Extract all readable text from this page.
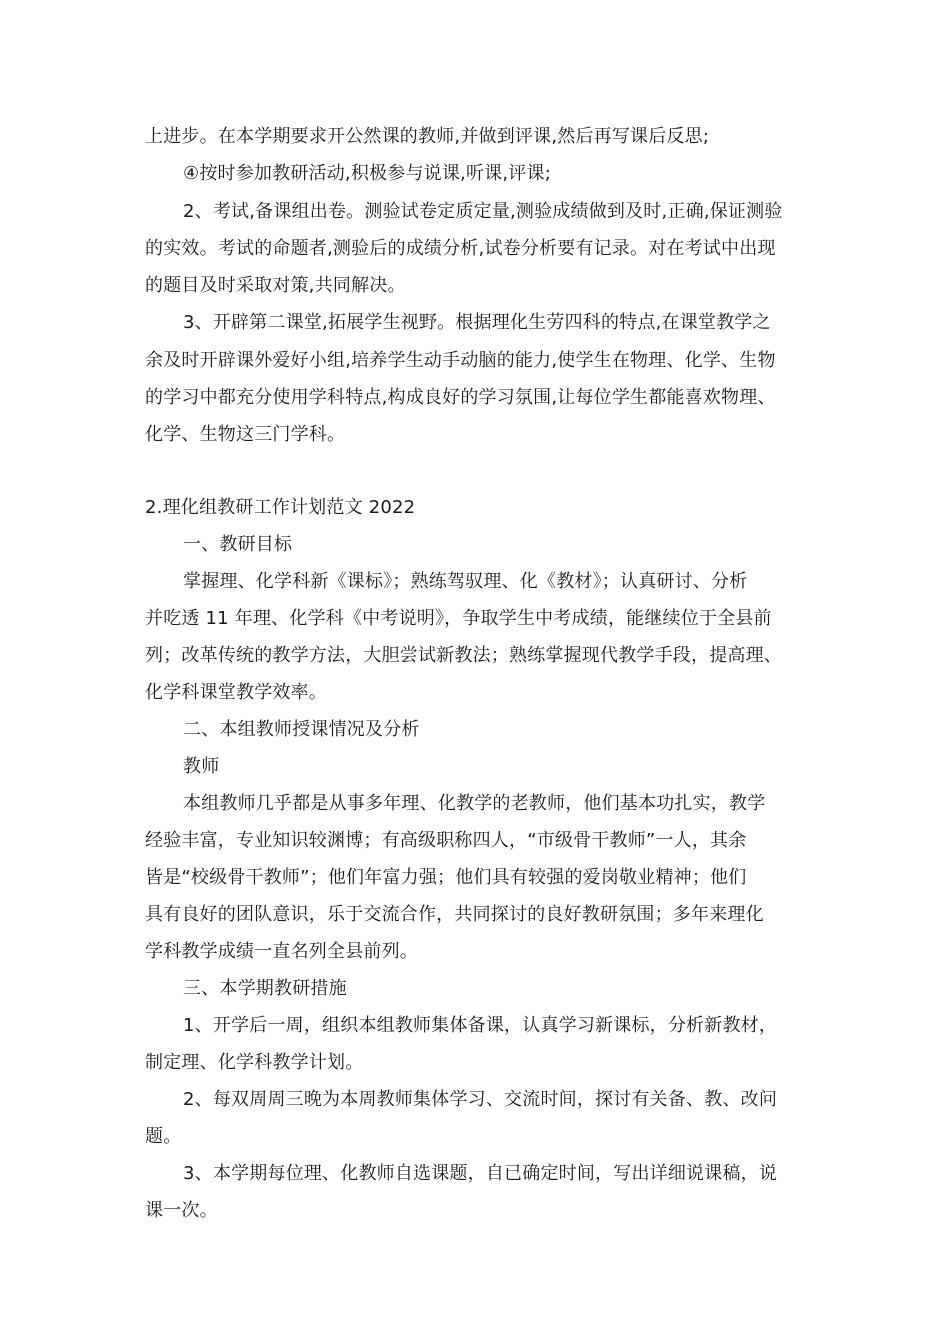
上进步。在本学期要求开公然课的教师,并做到评课,然后再写课后反思;
④按时参加教研活动,积极参与说课,听课,评课;
2、考试,备课组出卷。测验试卷定质定量,测验成绩做到及时,正确,保证测验
的实效。考试的命题者,测验后的成绩分析,试卷分析要有记录。对在考试中出现
的题目及时采取对策,共同解决。
3、开辟第二课堂,拓展学生视野。根据理化生劳四科的特点,在课堂教学之
余及时开辟课外爱好小组,培养学生动手动脑的能力,使学生在物理、化学、生物
的学习中都充分使用学科特点,构成良好的学习氛围,让每位学生都能喜欢物理、
化学、生物这三门学科。
2.理化组教研工作计划范文 2022
一、教研目标
掌握理、化学科新《课标》；熟练驾驭理、化《教材》；认真研讨、分析
并吃透 11 年理、化学科《中考说明》，争取学生中考成绩，能继续位于全县前
列；改革传统的教学方法，大胆尝试新教法；熟练掌握现代教学手段，提高理、
化学科课堂教学效率。
二、本组教师授课情况及分析
教师
本组教师几乎都是从事多年理、化教学的老教师，他们基本功扎实，教学
经验丰富，专业知识较渊博；有高级职称四人，“市级骨干教师”一人，其余
皆是“校级骨干教师”；他们年富力强；他们具有较强的爱岗敬业精神；他们
具有良好的团队意识，乐于交流合作，共同探讨的良好教研氛围；多年来理化
学科教学成绩一直名列全县前列。
三、本学期教研措施
1、开学后一周，组织本组教师集体备课，认真学习新课标，分析新教材，
制定理、化学科教学计划。
2、每双周周三晚为本周教师集体学习、交流时间，探讨有关备、教、改问
题。
3、本学期每位理、化教师自选课题，自已确定时间，写出详细说课稿，说
课一次。
